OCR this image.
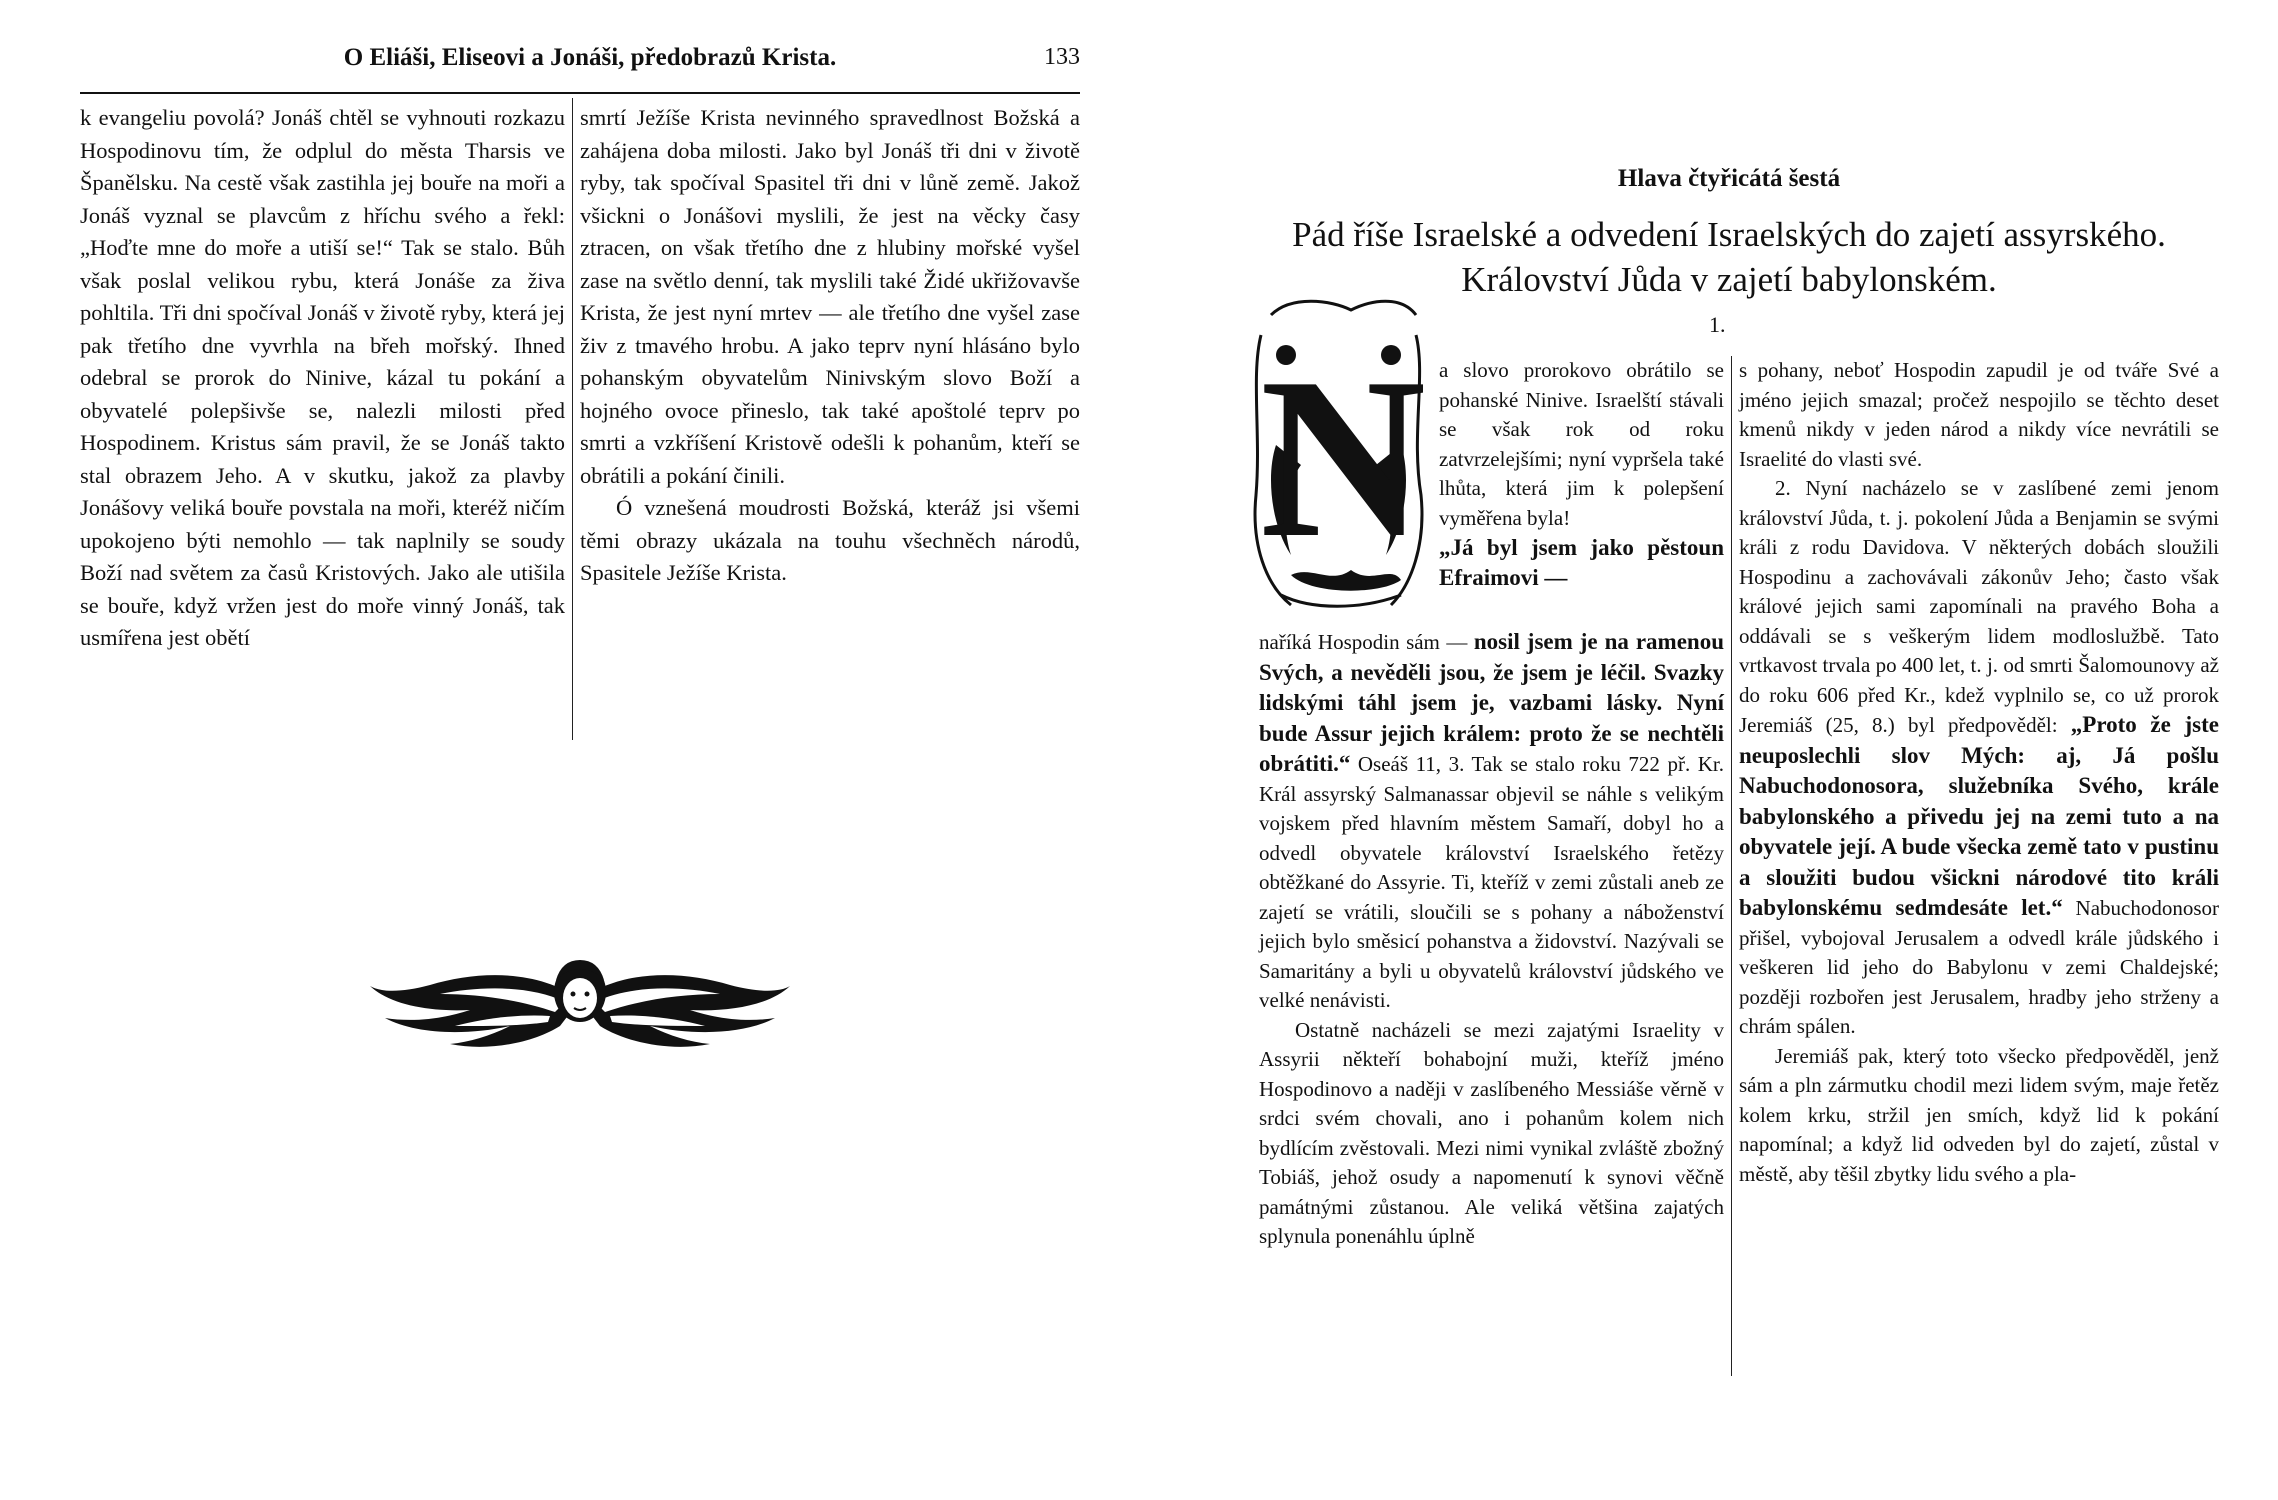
O Eliáši, Eliseovi a Jonáši, předobrazů Krista.	133

k evangeliu povolá? Jonáš chtěl se vyhnouti rozkazu Hospodinovu tím, že odplul do města Tharsis ve Španělsku. Na cestě však zastihla jej bouře na moři a Jonáš vyznal se plavcům z hříchu svého a řekl: „Hoďte mne do moře a utiší se!“ Tak se stalo. Bůh však poslal velikou rybu, která Jonáše za živa pohltila. Tři dni spočíval Jonáš v životě ryby, která jej pak třetího dne vyvrhla na břeh mořský. Ihned odebral se prorok do Ninive, kázal tu pokání a obyvatelé polepšivše se, nalezli milosti před Hospodinem. Kristus sám pravil, že se Jonáš takto stal obrazem Jeho. A v skutku, jakož za plavby Jonášovy veliká bouře povstala na moři, kteréž ničím upokojeno býti nemohlo — tak naplnily se soudy Boží nad světem za časů Kristových. Jako ale utišila se bouře, když vržen jest do moře vinný Jonáš, tak usmířena jest obětí

smrtí Ježíše Krista nevinného spravedlnost Božská a zahájena doba milosti. Jako byl Jonáš tři dni v životě ryby, tak spočíval Spasitel tři dni v lůně země. Jakož všickni o Jonášovi myslili, že jest na věcky časy ztracen, on však třetího dne z hlubiny mořské vyšel zase na světlo denní, tak myslili také Židé ukřižovavše Krista, že jest nyní mrtev — ale třetího dne vyšel zase živ z tmavého hrobu. A jako teprv nyní hlásáno bylo pohanským obyvatelům Ninivským slovo Boží a hojného ovoce přineslo, tak také apoštolé teprv po smrti a vzkříšení Kristově odešli k pohanům, kteří se obrátili a pokání činili.

Ó vznešená moudrosti Božská, kteráž jsi všemi těmi obrazy ukázala na touhu všechněch národů, Spasitele Ježíše Krista.

Hlava čtyřicátá šestá
Pád říše Israelské a odvedení Israelských do zajetí assyrského.
Království Jůda v zajetí babylonském.
1.
N a slovo prorokovo obrátilo se pohanské Ninive. Israelští stávali se však rok od roku zatvrzelejšími; nyní vypršela také lhůta, která jim k polepšení vyměřena byla!

„Já byl jsem jako pěstoun Efraimovi —

naříká Hospodin sám — nosil jsem je na ramenou Svých, a nevěděli jsou, že jsem je léčil. Svazky lidskými táhl jsem je, vazbami lásky. Nyní bude Assur jejich králem: proto že se nechtěli obrátiti.“ Oseáš 11, 3. Tak se stalo roku 722 př. Kr. Král assyrský Salmanassar objevil se náhle s velikým vojskem před hlavním městem Samaří, dobyl ho a odvedl obyvatele království Israelského řetězy obtěžkané do Assyrie. Ti, kteříž v zemi zůstali aneb ze zajetí se vrátili, sloučili se s pohany a náboženství jejich bylo směsicí pohanstva a židovství. Nazývali se Samaritány a byli u obyvatelů království jůdského ve velké nenávisti.

Ostatně nacházeli se mezi zajatými Israelity v Assyrii někteří bohabojní muži, kteříž jméno Hospodinovo a naději v zaslíbeného Messiáše věrně v srdci svém chovali, ano i pohanům kolem nich bydlícím zvěstovali. Mezi nimi vynikal zvláště zbožný Tobiáš, jehož osudy a napomenutí k synovi věčně památnými zůstanou. Ale veliká většina zajatých splynula ponenáhlu úplně

s pohany, neboť Hospodin zapudil je od tváře Své a jméno jejich smazal; pročež nespojilo se těchto deset kmenů nikdy v jeden národ a nikdy více nevrátili se Israelité do vlasti své.

2. Nyní nacházelo se v zaslíbené zemi jenom království Jůda, t. j. pokolení Jůda a Benjamin se svými králi z rodu Davidova. V některých dobách sloužili Hospodinu a zachovávali zákonův Jeho; často však králové jejich sami zapomínali na pravého Boha a oddávali se s veškerým lidem modloslužbě. Tato vrtkavost trvala po 400 let, t. j. od smrti Šalomounovy až do roku 606 před Kr., kdež vyplnilo se, co už prorok Jeremiáš (25, 8.) byl předpověděl: „Proto že jste neuposlechli slov Mých: aj, Já pošlu Nabuchodonosora, služebníka Svého, krále babylonského a přivedu jej na zemi tuto a na obyvatele její. A bude všecka země tato v pustinu a sloužiti budou všickni národové tito králi babylonskému sedmdesáte let.“ Nabuchodonosor přišel, vybojoval Jerusalem a odvedl krále jůdského i veškeren lid jeho do Babylonu v zemi Chaldejské; později rozbořen jest Jerusalem, hradby jeho strženy a chrám spálen.

Jeremiáš pak, který toto všecko předpověděl, jenž sám a pln zármutku chodil mezi lidem svým, maje řetěz kolem krku, stržil jen smích, když lid k pokání napomínal; a když lid odveden byl do zajetí, zůstal v městě, aby těšil zbytky lidu svého a pla-
